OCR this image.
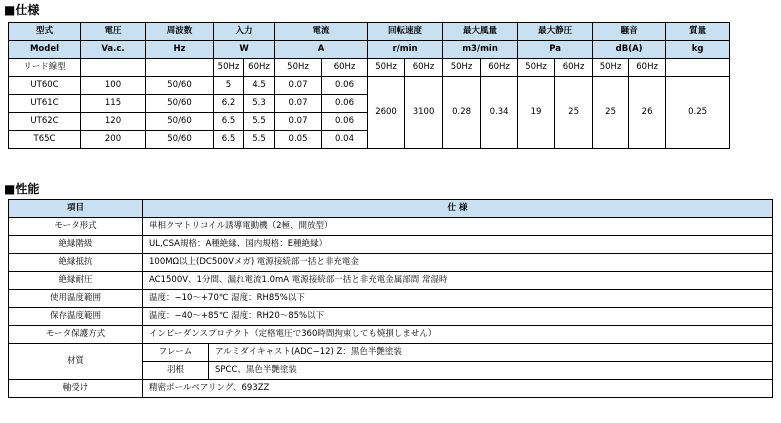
■仕様
型式	電圧	周波数	入力		電流		回転速度		最大風量		最大静圧		騒音		質量
Model	Va.c.	Hz	W		A		r/min		m3/min		Pa		dB(A)		kg
リード線型			50Hz	60Hz	50Hz	60Hz	50Hz	60Hz	50Hz	60Hz	50Hz	60Hz	50Hz	60Hz	
UT60C	100	50/60	5	4.5	0.07	0.06	2600	3100	0.28	0.34	19	25	25	26	0.25
UT61C	115	50/60	6.2	5.3	0.07	0.06									
UT62C	120	50/60	6.5	5.5	0.07	0.06									
T65C	200	50/60	6.5	5.5	0.05	0.04									
■性能
項目	仕 様	
モータ形式	単相クマトリコイル誘導電動機（2極、開放型）	
絶縁階級	UL,CSA規格：A種絶縁、国内規格：E種絶縁）	
絶縁抵抗	100MΩ以上(DC500Vメガ) 電源接続部一括と非充電金	
絶縁耐圧	AC1500V、1分間、漏れ電流1.0mA 電源接続部一括と非充電金属部間 常湿時	
使用温度範囲	温度：−10～+70℃ 湿度：RH85%以下	
保存温度範囲	温度：−40～+85℃ 湿度：RH20～85%以下	
モータ保護方式	インピーダンスプロテクト（定格電圧で360時間拘束しても焼損しません）	
材質	フレーム	アルミダイキャスト(ADC−12) Z：黒色半艶塗装
	羽根	SPCC、黒色半艶塗装
軸受け	精密ボールベアリング、693ZZ	
